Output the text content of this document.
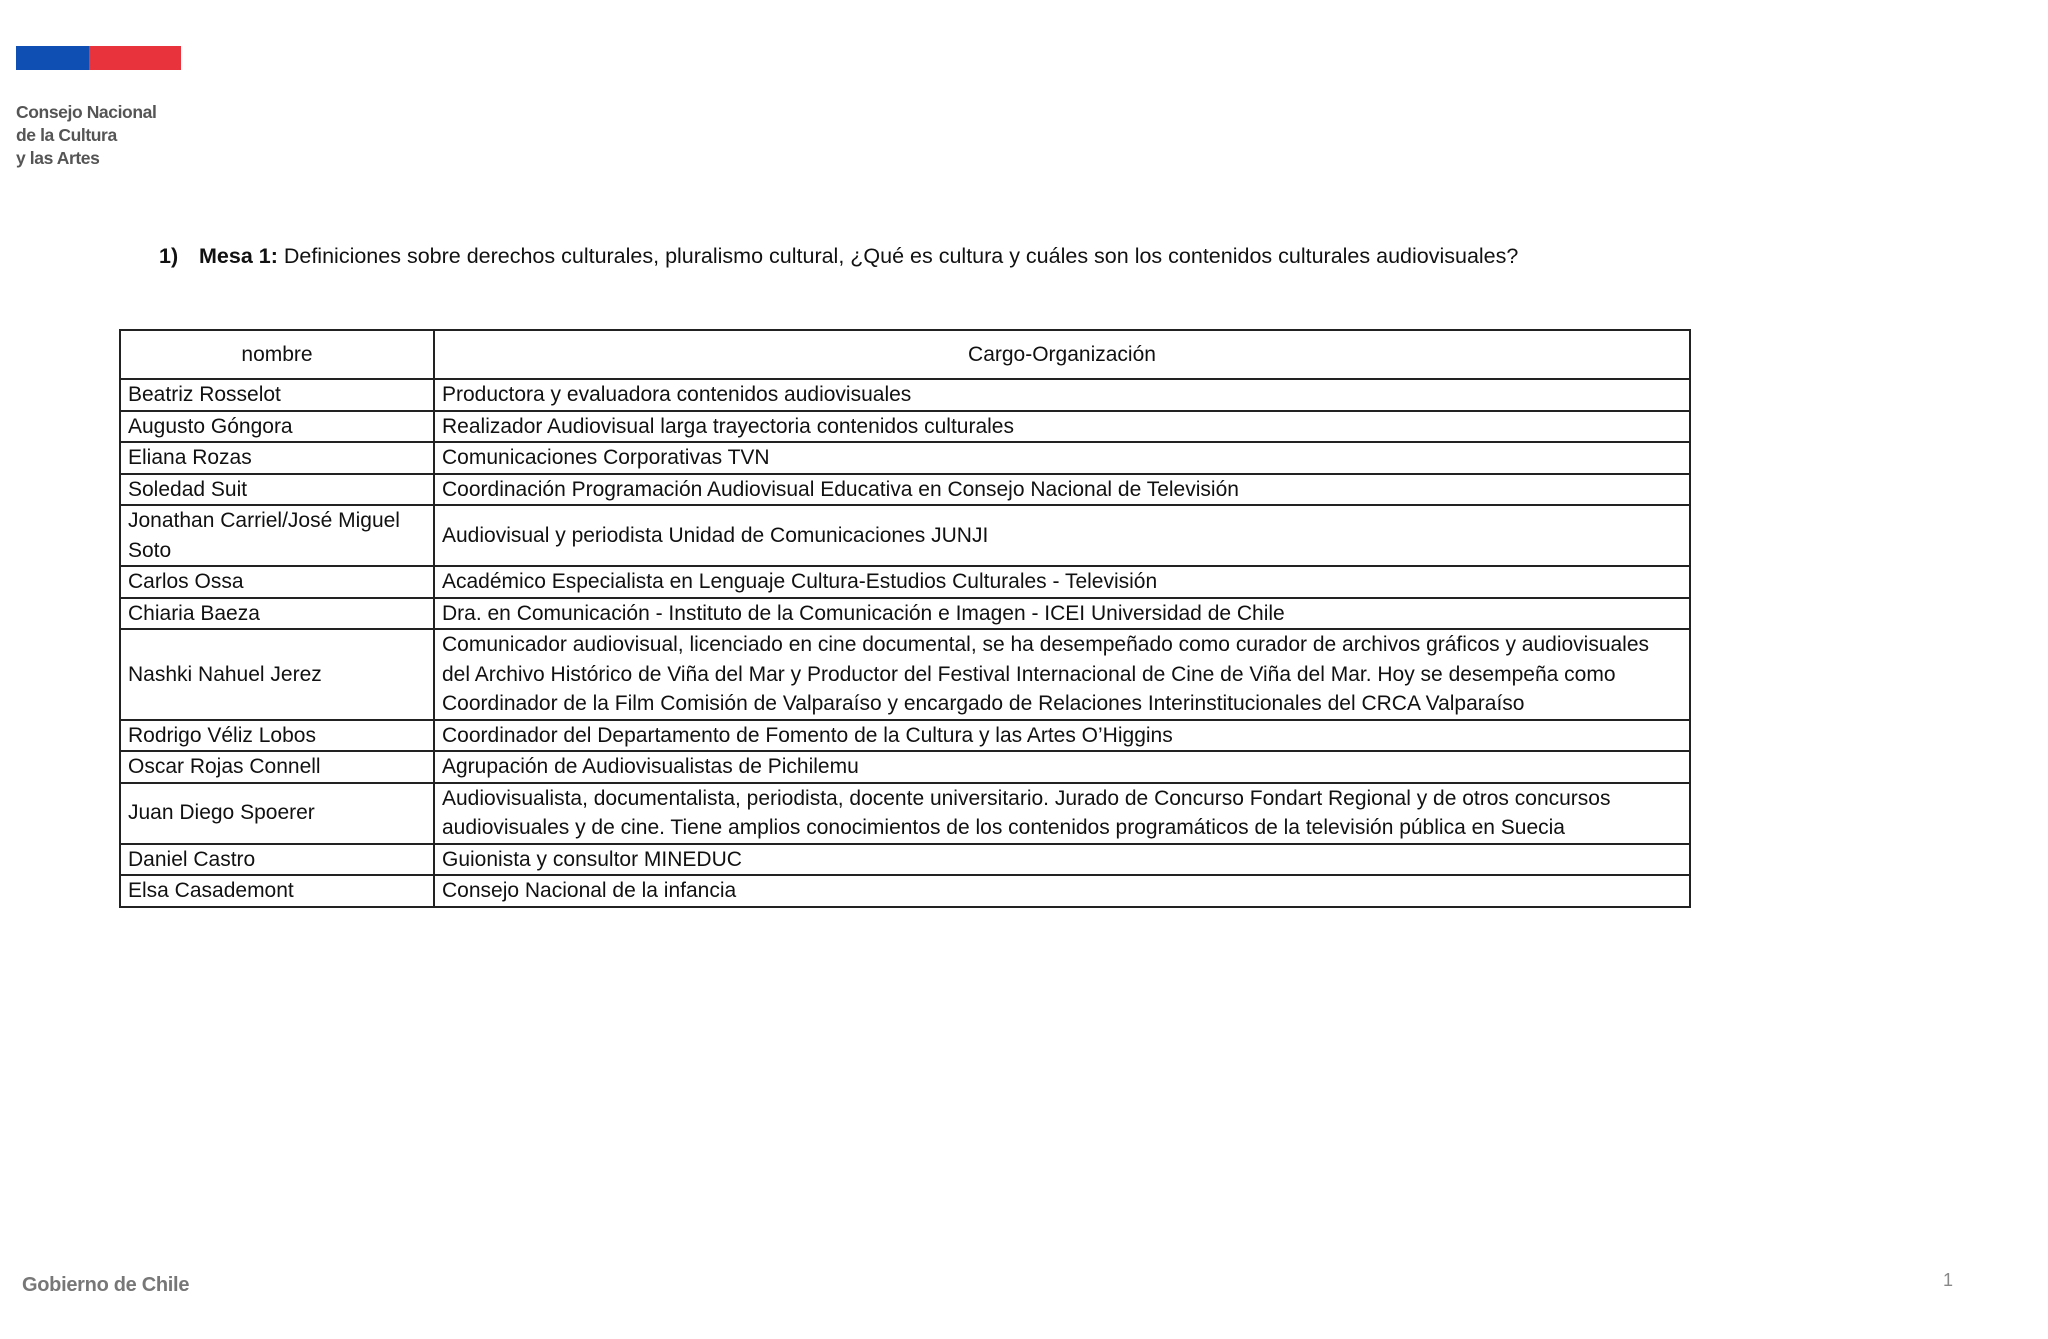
Consejo Nacional
de la Cultura
y las Artes
1) Mesa 1: Definiciones sobre derechos culturales, pluralismo cultural, ¿Qué es cultura y cuáles son los contenidos culturales audiovisuales?
nombre	Cargo-Organización
Beatriz Rosselot	Productora y evaluadora contenidos audiovisuales
Augusto Góngora	Realizador Audiovisual larga trayectoria contenidos culturales
Eliana Rozas	Comunicaciones Corporativas TVN
Soledad Suit	Coordinación Programación Audiovisual Educativa en Consejo Nacional de Televisión
Jonathan Carriel/José Miguel Soto	Audiovisual y periodista Unidad de Comunicaciones JUNJI
Carlos Ossa	Académico Especialista en Lenguaje Cultura-Estudios Culturales - Televisión
Chiaria Baeza	Dra. en Comunicación - Instituto de la Comunicación e Imagen - ICEI Universidad de Chile
Nashki Nahuel Jerez	Comunicador audiovisual, licenciado en cine documental, se ha desempeñado como curador de archivos gráficos y audiovisuales del Archivo Histórico de Viña del Mar y Productor del Festival Internacional de Cine de Viña del Mar. Hoy se desempeña como Coordinador de la Film Comisión de Valparaíso y encargado de Relaciones Interinstitucionales del CRCA Valparaíso
Rodrigo Véliz Lobos	Coordinador del Departamento de Fomento de la Cultura y las Artes O’Higgins
Oscar Rojas Connell	Agrupación de Audiovisualistas de Pichilemu
Juan Diego Spoerer	Audiovisualista, documentalista, periodista, docente universitario. Jurado de Concurso Fondart Regional y de otros concursos audiovisuales y de cine. Tiene amplios conocimientos de los contenidos programáticos de la televisión pública en Suecia
Daniel Castro	Guionista y consultor MINEDUC
Elsa Casademont	Consejo Nacional de la infancia
Gobierno de Chile	1
